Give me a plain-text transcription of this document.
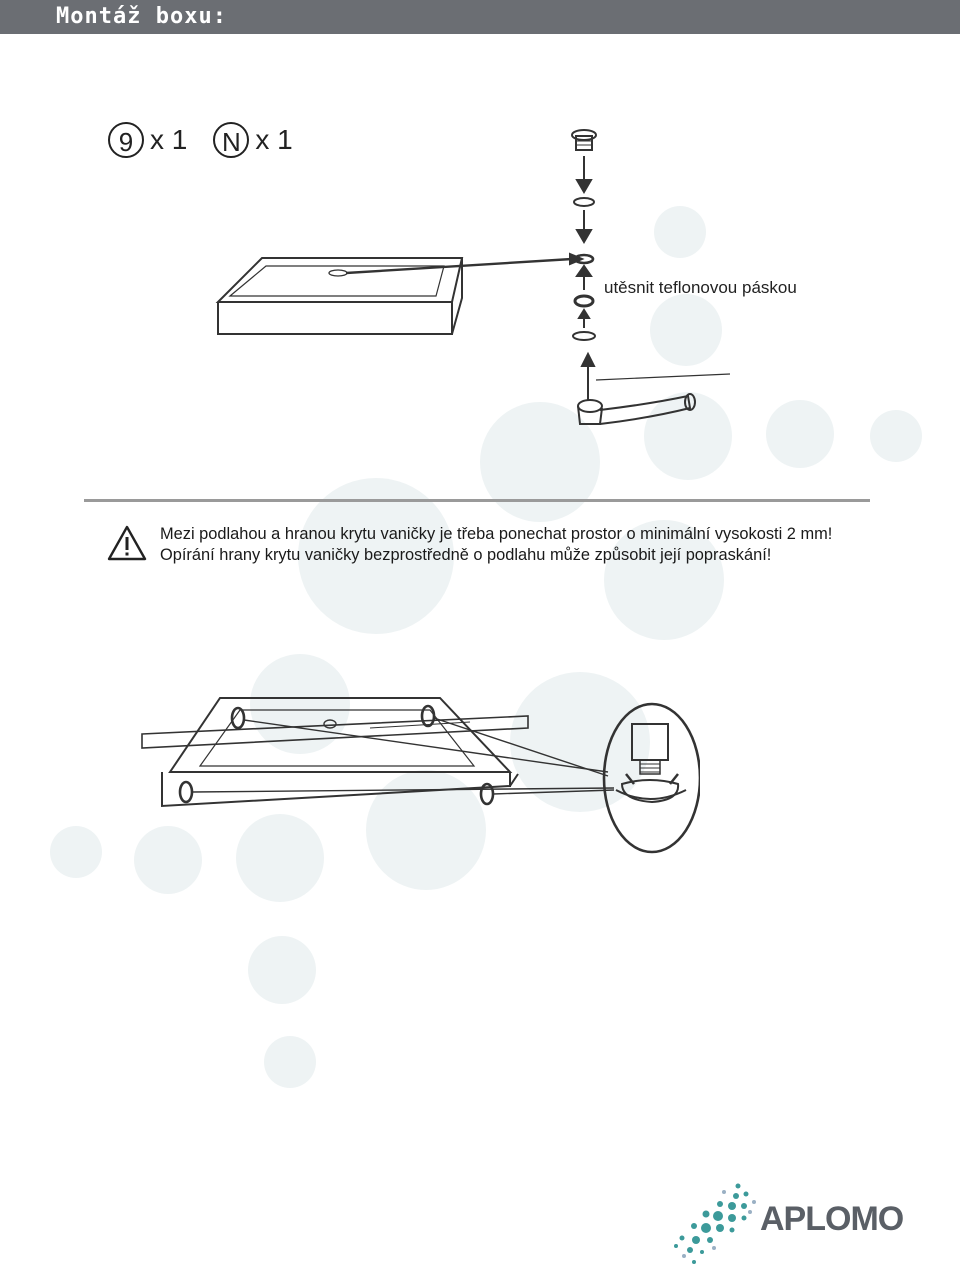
Montáž boxu:
9 x 1	N x 1
utěsnit teflonovou páskou
Mezi podlahou a hranou krytu vaničky je třeba ponechat prostor o minimální vysokosti 2 mm! Opírání hrany krytu vaničky bezprostředně o podlahu může způsobit její popraskání!
APLOMO
